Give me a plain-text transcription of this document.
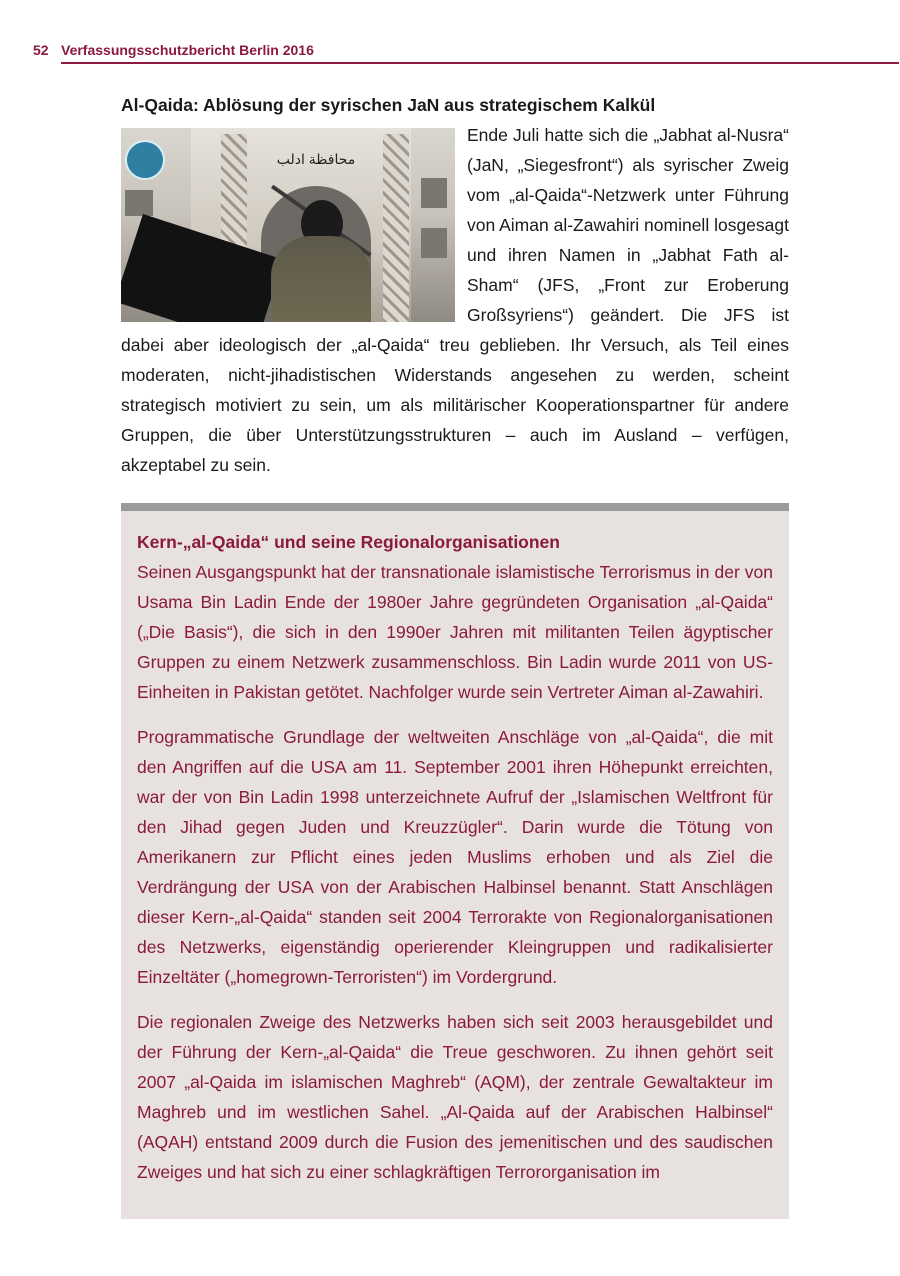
52 Verfassungsschutzbericht Berlin 2016
Al-Qaida: Ablösung der syrischen JaN aus strategischem Kalkül
محافظة ادلب

Ende Juli hatte sich die „Jabhat al-Nusra“ (JaN, „Siegesfront“) als syrischer Zweig vom „al-Qaida“-Netzwerk unter Führung von Aiman al-Zawahiri nominell losgesagt und ihren Namen in „Jabhat Fath al-Sham“ (JFS, „Front zur Eroberung Großsyriens“) geändert. Die JFS ist dabei aber ideologisch der „al-Qaida“ treu geblieben. Ihr Versuch, als Teil eines moderaten, nicht-jihadistischen Widerstands angesehen zu werden, scheint strategisch motiviert zu sein, um als militärischer Kooperationspartner für andere Gruppen, die über Unterstützungsstrukturen – auch im Ausland – verfügen, akzeptabel zu sein.

Kern-„al-Qaida“ und seine Regionalorganisationen

Seinen Ausgangspunkt hat der transnationale islamistische Terrorismus in der von Usama Bin Ladin Ende der 1980er Jahre gegründeten Organisation „al-Qaida“ („Die Basis“), die sich in den 1990er Jahren mit militanten Teilen ägyptischer Gruppen zu einem Netzwerk zusammenschloss. Bin Ladin wurde 2011 von US-Einheiten in Pakistan getötet. Nachfolger wurde sein Vertreter Aiman al-Zawahiri.

Programmatische Grundlage der weltweiten Anschläge von „al-Qaida“, die mit den Angriffen auf die USA am 11. September 2001 ihren Höhepunkt erreichten, war der von Bin Ladin 1998 unterzeichnete Aufruf der „Islamischen Weltfront für den Jihad gegen Juden und Kreuzzügler“. Darin wurde die Tötung von Amerikanern zur Pflicht eines jeden Muslims erhoben und als Ziel die Verdrängung der USA von der Arabischen Halbinsel benannt. Statt Anschlägen dieser Kern-„al-Qaida“ standen seit 2004 Terrorakte von Regionalorganisationen des Netzwerks, eigenständig operierender Kleingruppen und radikalisierter Einzeltäter („homegrown-Terroristen“) im Vordergrund.

Die regionalen Zweige des Netzwerks haben sich seit 2003 herausgebildet und der Führung der Kern-„al-Qaida“ die Treue geschworen. Zu ihnen gehört seit 2007 „al-Qaida im islamischen Maghreb“ (AQM), der zentrale Gewaltakteur im Maghreb und im westlichen Sahel. „Al-Qaida auf der Arabischen Halbinsel“ (AQAH) entstand 2009 durch die Fusion des jemenitischen und des saudischen Zweiges und hat sich zu einer schlagkräftigen Terrororganisation im
